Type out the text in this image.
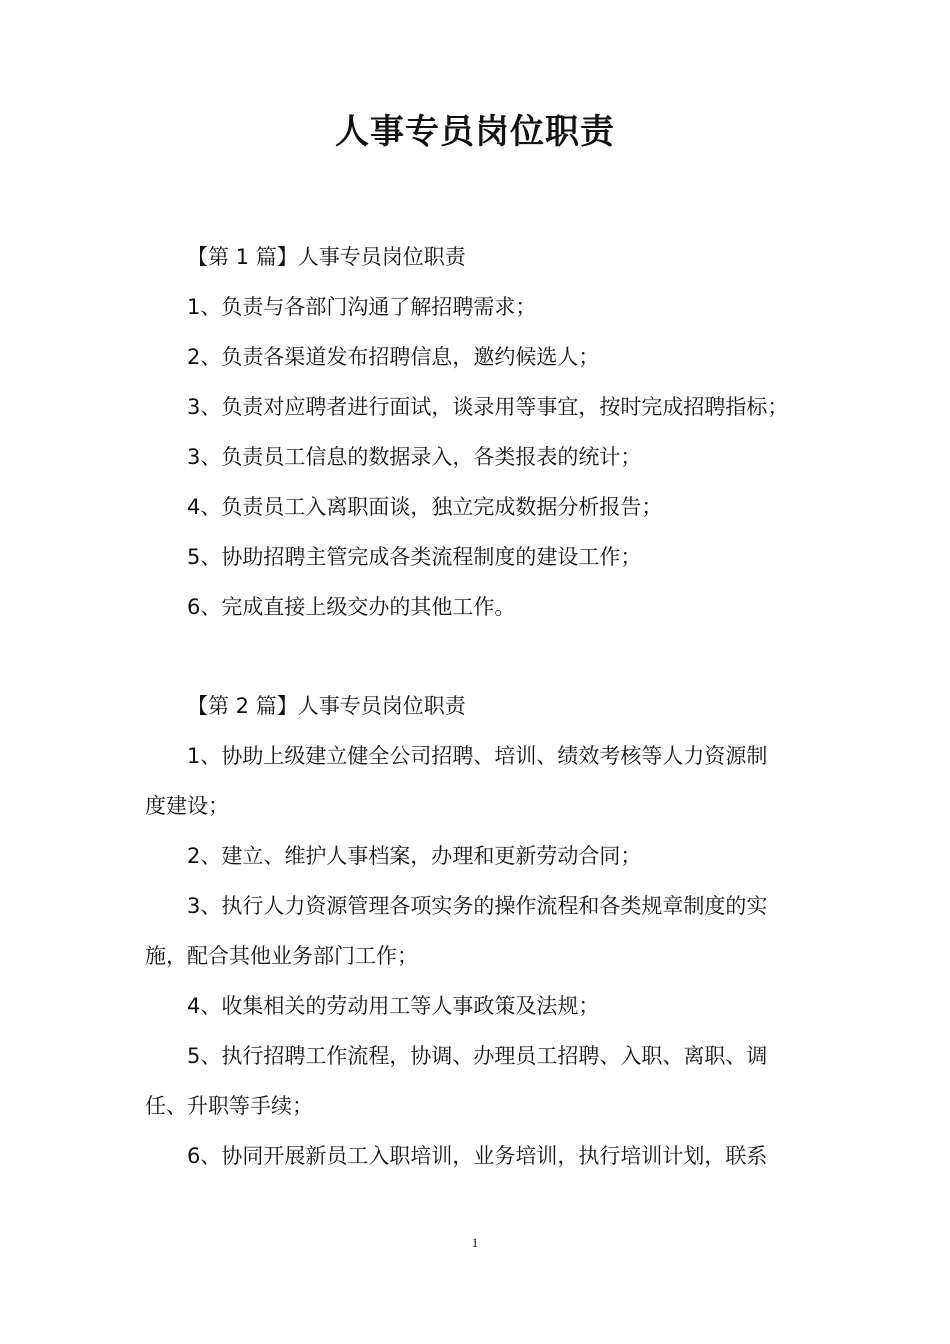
人事专员岗位职责
【第 1 篇】人事专员岗位职责
1、负责与各部门沟通了解招聘需求；
2、负责各渠道发布招聘信息，邀约候选人；
3、负责对应聘者进行面试，谈录用等事宜，按时完成招聘指标；
3、负责员工信息的数据录入，各类报表的统计；
4、负责员工入离职面谈，独立完成数据分析报告；
5、协助招聘主管完成各类流程制度的建设工作；
6、完成直接上级交办的其他工作。
【第 2 篇】人事专员岗位职责
1、协助上级建立健全公司招聘、培训、绩效考核等人力资源制
度建设；
2、建立、维护人事档案，办理和更新劳动合同；
3、执行人力资源管理各项实务的操作流程和各类规章制度的实
施，配合其他业务部门工作；
4、收集相关的劳动用工等人事政策及法规；
5、执行招聘工作流程，协调、办理员工招聘、入职、离职、调
任、升职等手续；
6、协同开展新员工入职培训，业务培训，执行培训计划，联系
1
